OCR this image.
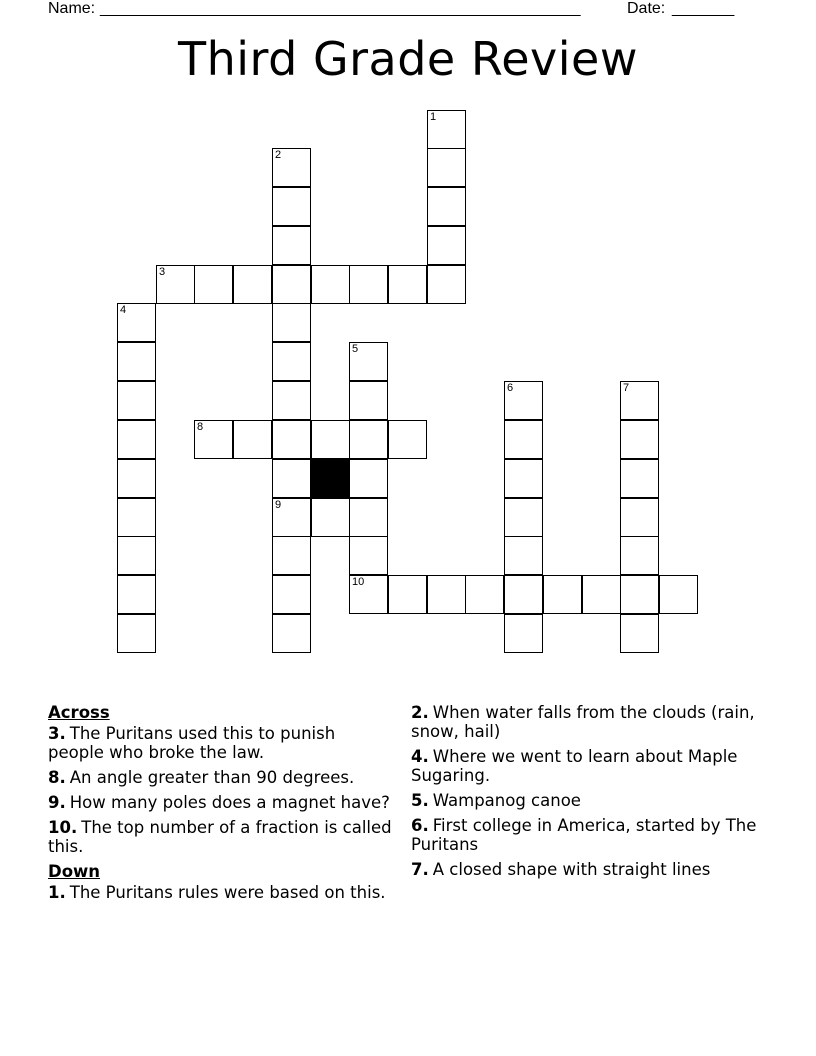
Name: ______________________________________________________	Date: _______
Third Grade Review
1
2
3
4
5
6	7
8
9
10
Across
3. The Puritans used this to punish people who broke the law.
8. An angle greater than 90 degrees.
9. How many poles does a magnet have?
10. The top number of a fraction is called this.
Down
1. The Puritans rules were based on this.
2. When water falls from the clouds (rain, snow, hail)
4. Where we went to learn about Maple Sugaring.
5. Wampanog canoe
6. First college in America, started by The Puritans
7. A closed shape with straight lines
